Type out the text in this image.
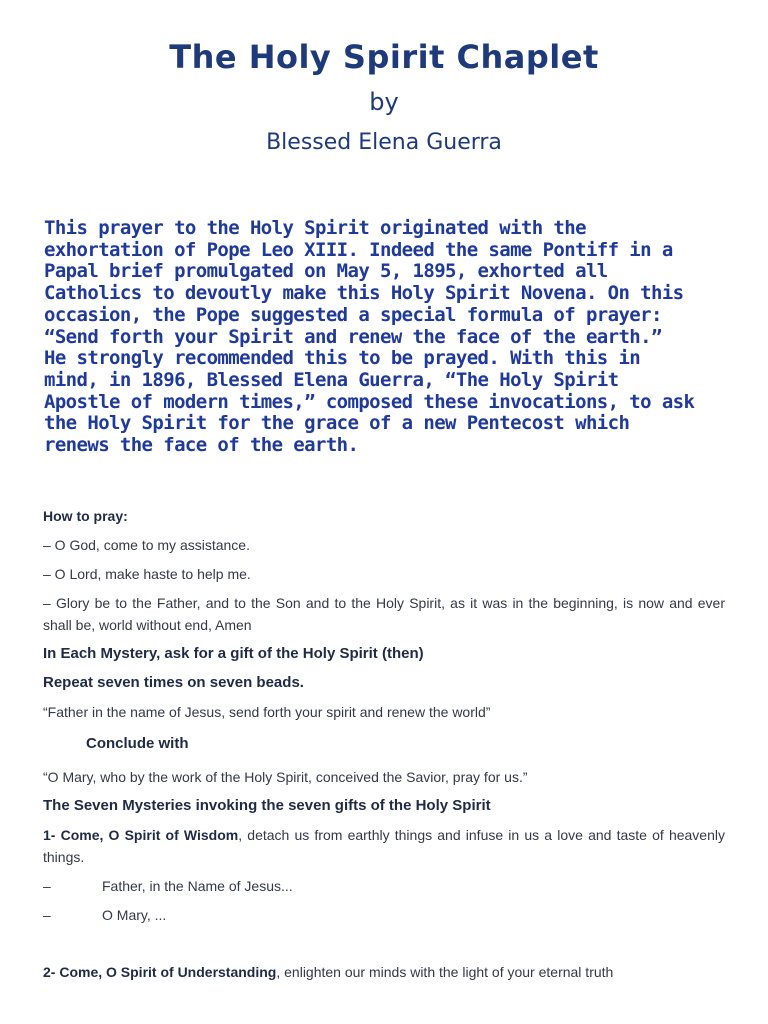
The Holy Spirit Chaplet
by
Blessed Elena Guerra
This prayer to the Holy Spirit originated with the
exhortation of Pope Leo XIII. Indeed the same Pontiff in a
Papal brief promulgated on May 5, 1895, exhorted all
Catholics to devoutly make this Holy Spirit Novena. On this
occasion, the Pope suggested a special formula of prayer:
“Send forth your Spirit and renew the face of the earth.”
He strongly recommended this to be prayed. With this in
mind, in 1896, Blessed Elena Guerra, “The Holy Spirit
Apostle of modern times,” composed these invocations, to ask
the Holy Spirit for the grace of a new Pentecost which
renews the face of the earth.
How to pray:
– O God, come to my assistance.
– O Lord, make haste to help me.
– Glory be to the Father, and to the Son and to the Holy Spirit, as it was in the beginning, is now and ever shall be, world without end, Amen
In Each Mystery, ask for a gift of the Holy Spirit (then)
Repeat seven times on seven beads.
“Father in the name of Jesus, send forth your spirit and renew the world”
Conclude with
“O Mary, who by the work of the Holy Spirit, conceived the Savior, pray for us.”
The Seven Mysteries invoking the seven gifts of the Holy Spirit
1- Come, O Spirit of Wisdom, detach us from earthly things and infuse in us a love and taste of heavenly things.
–	Father, in the Name of Jesus...
–	O Mary, ...
2- Come, O Spirit of Understanding, enlighten our minds with the light of your eternal truth
